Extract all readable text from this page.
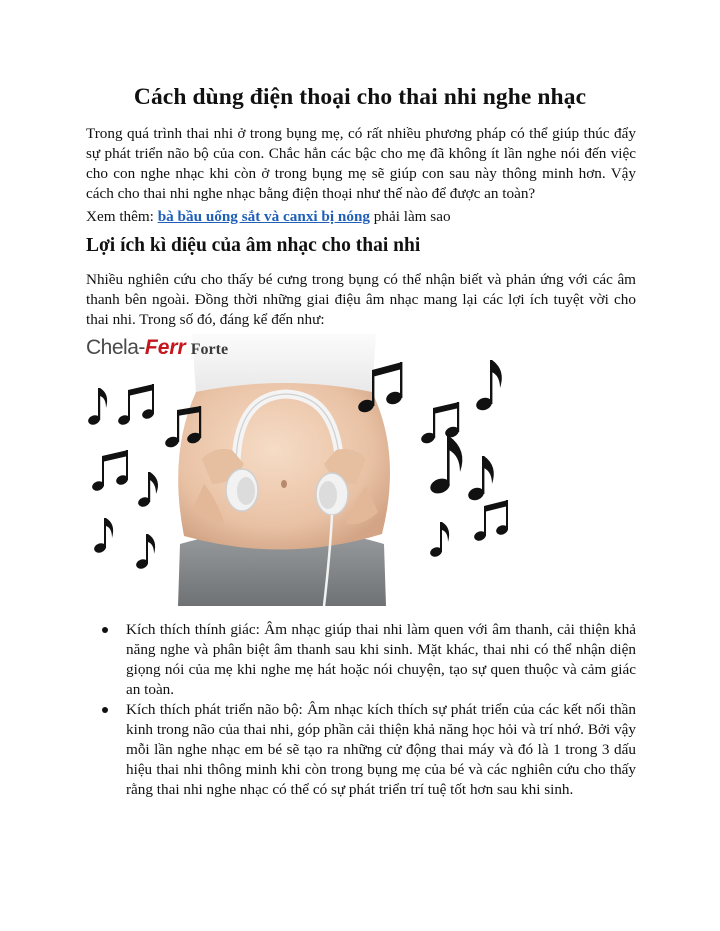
Cách dùng điện thoại cho thai nhi nghe nhạc

Trong quá trình thai nhi ở trong bụng mẹ, có rất nhiều phương pháp có thể giúp thúc đẩy sự phát triển não bộ của con. Chắc hẳn các bậc cho mẹ đã không ít lần nghe nói đến việc cho con nghe nhạc khi còn ở trong bụng mẹ sẽ giúp con sau này thông minh hơn. Vậy cách cho thai nhi nghe nhạc bằng điện thoại như thế nào để được an toàn?

Xem thêm: bà bầu uống sắt và canxi bị nóng phải làm sao

Lợi ích kì diệu của âm nhạc cho thai nhi

Nhiều nghiên cứu cho thấy bé cưng trong bụng có thể nhận biết và phản ứng với các âm thanh bên ngoài. Đồng thời những giai điệu âm nhạc mang lại các lợi ích tuyệt vời cho thai nhi. Trong số đó, đáng kể đến như:

Chela- Ferr Forte
Kích thích thính giác: Âm nhạc giúp thai nhi làm quen với âm thanh, cải thiện khả năng nghe và phân biệt âm thanh sau khi sinh. Mặt khác, thai nhi có thể nhận diện giọng nói của mẹ khi nghe mẹ hát hoặc nói chuyện, tạo sự quen thuộc và cảm giác an toàn.
Kích thích phát triển não bộ: Âm nhạc kích thích sự phát triển của các kết nối thần kinh trong não của thai nhi, góp phần cải thiện khả năng học hỏi và trí nhớ. Bởi vậy mỗi lần nghe nhạc em bé sẽ tạo ra những cử động thai máy và đó là 1 trong 3 dấu hiệu thai nhi thông minh khi còn trong bụng mẹ của bé và các nghiên cứu cho thấy rằng thai nhi nghe nhạc có thể có sự phát triển trí tuệ tốt hơn sau khi sinh.
